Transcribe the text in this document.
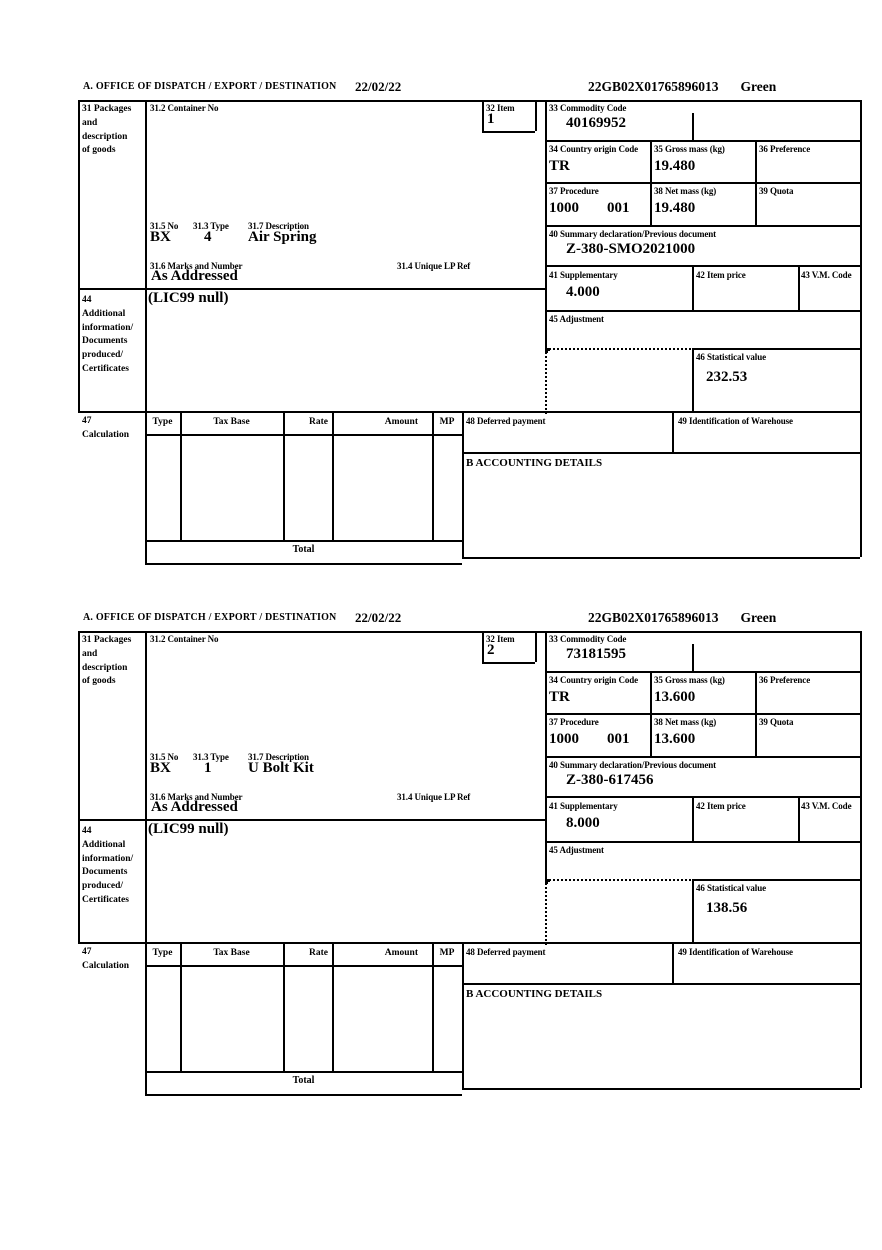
A. OFFICE OF DISPATCH / EXPORT / DESTINATION 22/02/22	22GB02X01765896013 Green
31 Packages
and
description
of goods
31.2 Container No	32 Item
1
33 Commodity Code
40169952
34 Country origin Code
TR
35 Gross mass (kg)
19.480
36 Preference
37 Procedure
1000 001
38 Net mass (kg)
19.480
39 Quota
40 Summary declaration/Previous document
Z-380-SMO2021000
41 Supplementary
4.000
42 Item price	43 V.M. Code
45 Adjustment
46 Statistical value
232.53
31.5 No 31.3 Type 31.7 Description
BX 4 Air Spring
31.6 Marks and Number	31.4 Unique LP Ref
As Addressed
44
Additional
information/
Documents
produced/
Certificates
(LIC99 null)
47
Calculation
Type	Tax Base	Rate	Amount	MP
Total
48 Deferred payment	49 Identification of Warehouse
B ACCOUNTING DETAILS
A. OFFICE OF DISPATCH / EXPORT / DESTINATION 22/02/22	22GB02X01765896013 Green
31 Packages
and
description
of goods
31.2 Container No	32 Item
2
33 Commodity Code
73181595
34 Country origin Code
TR
35 Gross mass (kg)
13.600
36 Preference
37 Procedure
1000 001
38 Net mass (kg)
13.600
39 Quota
40 Summary declaration/Previous document
Z-380-617456
41 Supplementary
8.000
42 Item price	43 V.M. Code
45 Adjustment
46 Statistical value
138.56
31.5 No 31.3 Type 31.7 Description
BX 1 U Bolt Kit
31.6 Marks and Number	31.4 Unique LP Ref
As Addressed
44
Additional
information/
Documents
produced/
Certificates
(LIC99 null)
47
Calculation
Type	Tax Base	Rate	Amount	MP
Total
48 Deferred payment	49 Identification of Warehouse
B ACCOUNTING DETAILS
